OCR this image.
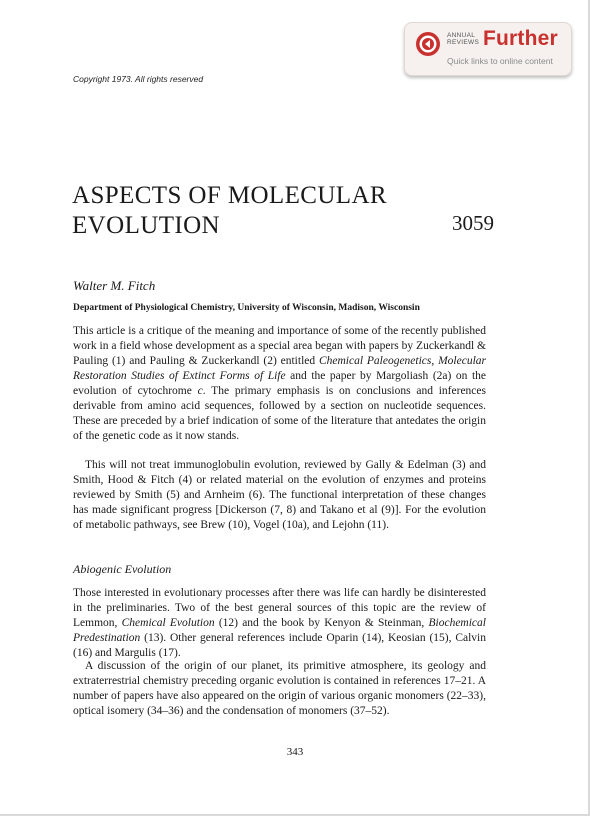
ANNUAL
REVIEWS Further
Quick links to online content
Copyright 1973. All rights reserved
ASPECTS OF MOLECULAR
EVOLUTION	3059
Walter M. Fitch
Department of Physiological Chemistry, University of Wisconsin, Madison, Wisconsin

This article is a critique of the meaning and importance of some of the recently published work in a field whose development as a special area began with papers by Zuckerkandl & Pauling (1) and Pauling & Zuckerkandl (2) entitled Chemical Paleogenetics, Molecular Restoration Studies of Extinct Forms of Life and the paper by Margoliash (2a) on the evolution of cytochrome c. The primary emphasis is on conclusions and inferences derivable from amino acid sequences, followed by a section on nucleotide sequences. These are preceded by a brief indication of some of the literature that antedates the origin of the genetic code as it now stands.

This will not treat immunoglobulin evolution, reviewed by Gally & Edelman (3) and Smith, Hood & Fitch (4) or related material on the evolution of enzymes and proteins reviewed by Smith (5) and Arnheim (6). The functional interpretation of these changes has made significant progress [Dickerson (7, 8) and Takano et al (9)]. For the evolution of metabolic pathways, see Brew (10), Vogel (10a), and Lejohn (11).

Abiogenic Evolution

Those interested in evolutionary processes after there was life can hardly be disinterested in the preliminaries. Two of the best general sources of this topic are the review of Lemmon, Chemical Evolution (12) and the book by Kenyon & Steinman, Biochemical Predestination (13). Other general references include Oparin (14), Keosian (15), Calvin (16) and Margulis (17).

A discussion of the origin of our planet, its primitive atmosphere, its geology and extraterrestrial chemistry preceding organic evolution is contained in references 17–21. A number of papers have also appeared on the origin of various organic monomers (22–33), optical isomery (34–36) and the condensation of monomers (37–52).

343
